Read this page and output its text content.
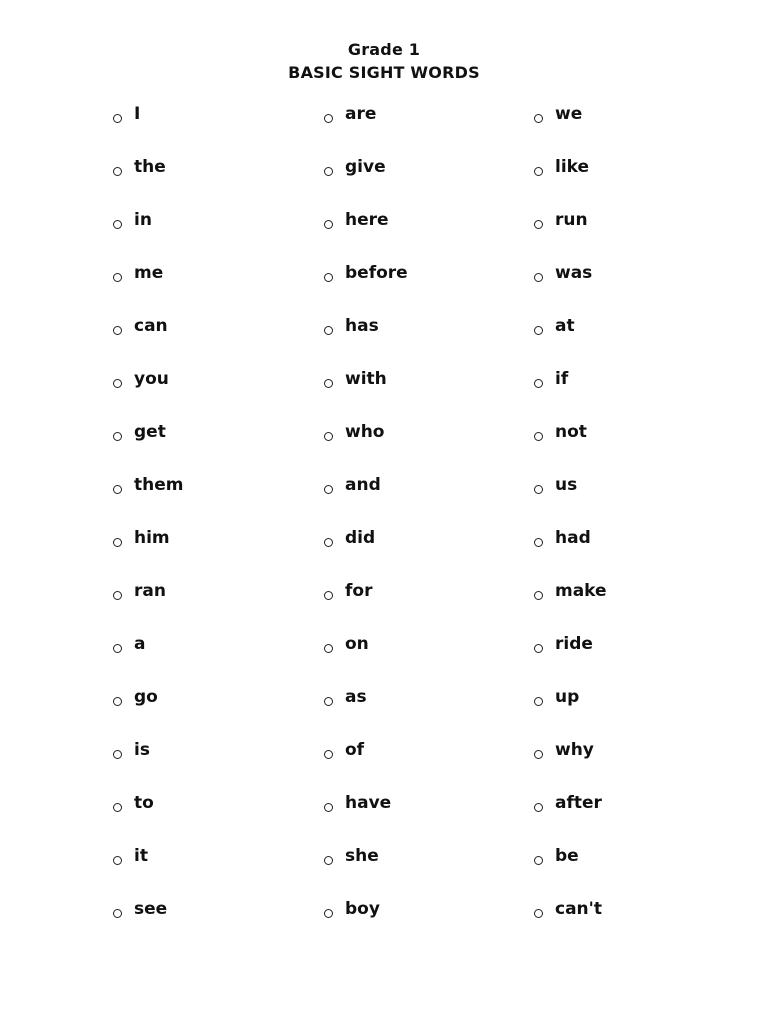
Grade 1
BASIC SIGHT WORDS
I
the
in
me
can
you
get
them
him
ran
a
go
is
to
it
see
are
give
here
before
has
with
who
and
did
for
on
as
of
have
she
boy
we
like
run
was
at
if
not
us
had
make
ride
up
why
after
be
can't
